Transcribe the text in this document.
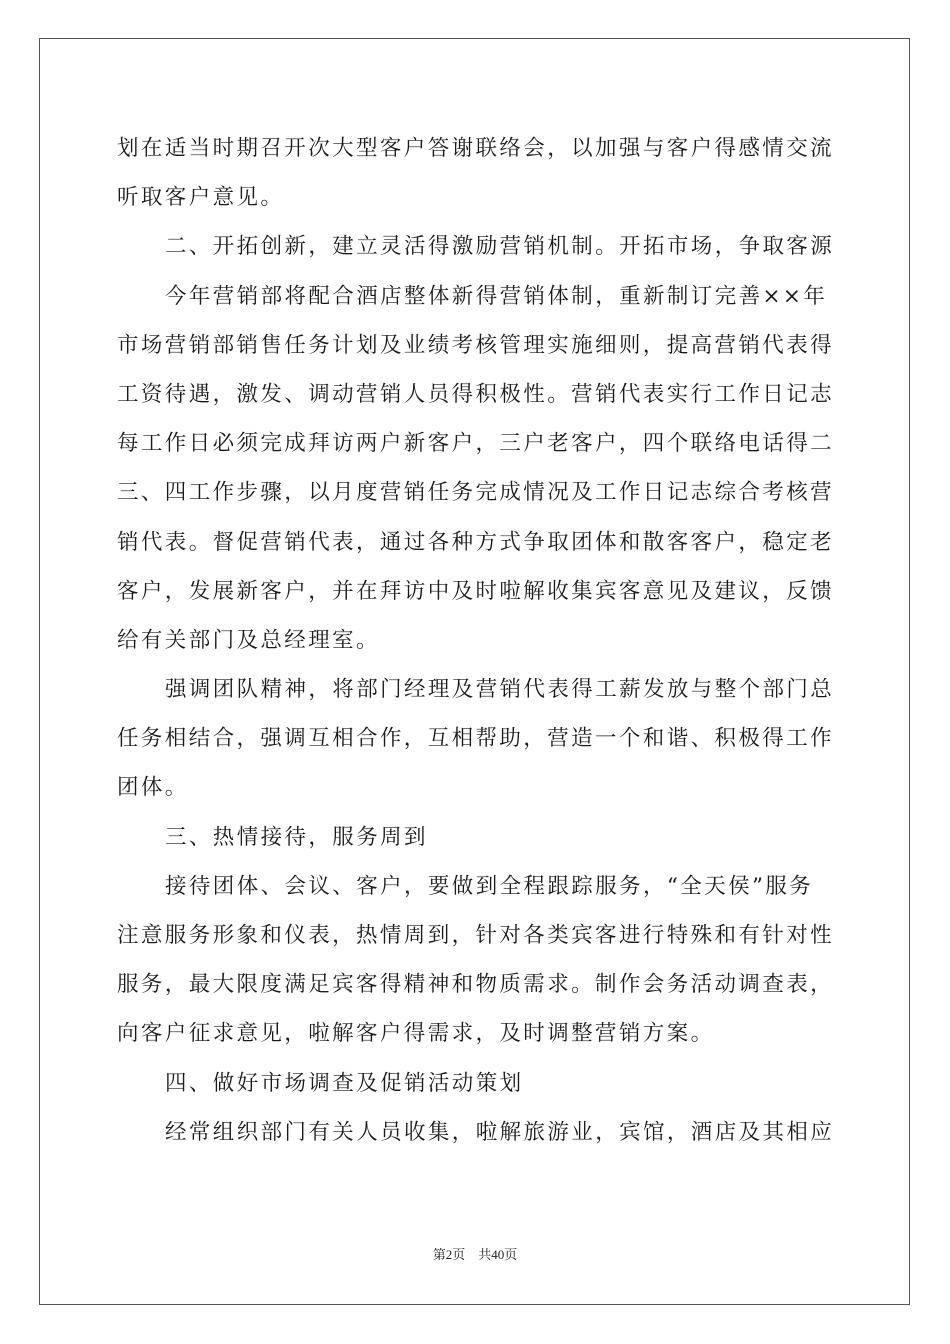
划在适当时期召开次大型客户答谢联络会，以加强与客户得感情交流
听取客户意见。
二、开拓创新，建立灵活得激励营销机制。开拓市场，争取客源
今年营销部将配合酒店整体新得营销体制，重新制订完善××年
市场营销部销售任务计划及业绩考核管理实施细则，提高营销代表得
工资待遇，激发、调动营销人员得积极性。营销代表实行工作日记志
每工作日必须完成拜访两户新客户，三户老客户，四个联络电话得二
三、四工作步骤，以月度营销任务完成情况及工作日记志综合考核营
销代表。督促营销代表，通过各种方式争取团体和散客客户，稳定老
客户，发展新客户，并在拜访中及时啦解收集宾客意见及建议，反馈
给有关部门及总经理室。
强调团队精神，将部门经理及营销代表得工薪发放与整个部门总
任务相结合，强调互相合作，互相帮助，营造一个和谐、积极得工作
团体。
三、热情接待，服务周到
接待团体、会议、客户，要做到全程跟踪服务，“全天侯”服务
注意服务形象和仪表，热情周到，针对各类宾客进行特殊和有针对性
服务，最大限度满足宾客得精神和物质需求。制作会务活动调查表，
向客户征求意见，啦解客户得需求，及时调整营销方案。
四、做好市场调查及促销活动策划
经常组织部门有关人员收集，啦解旅游业，宾馆，酒店及其相应
第2页　共40页
